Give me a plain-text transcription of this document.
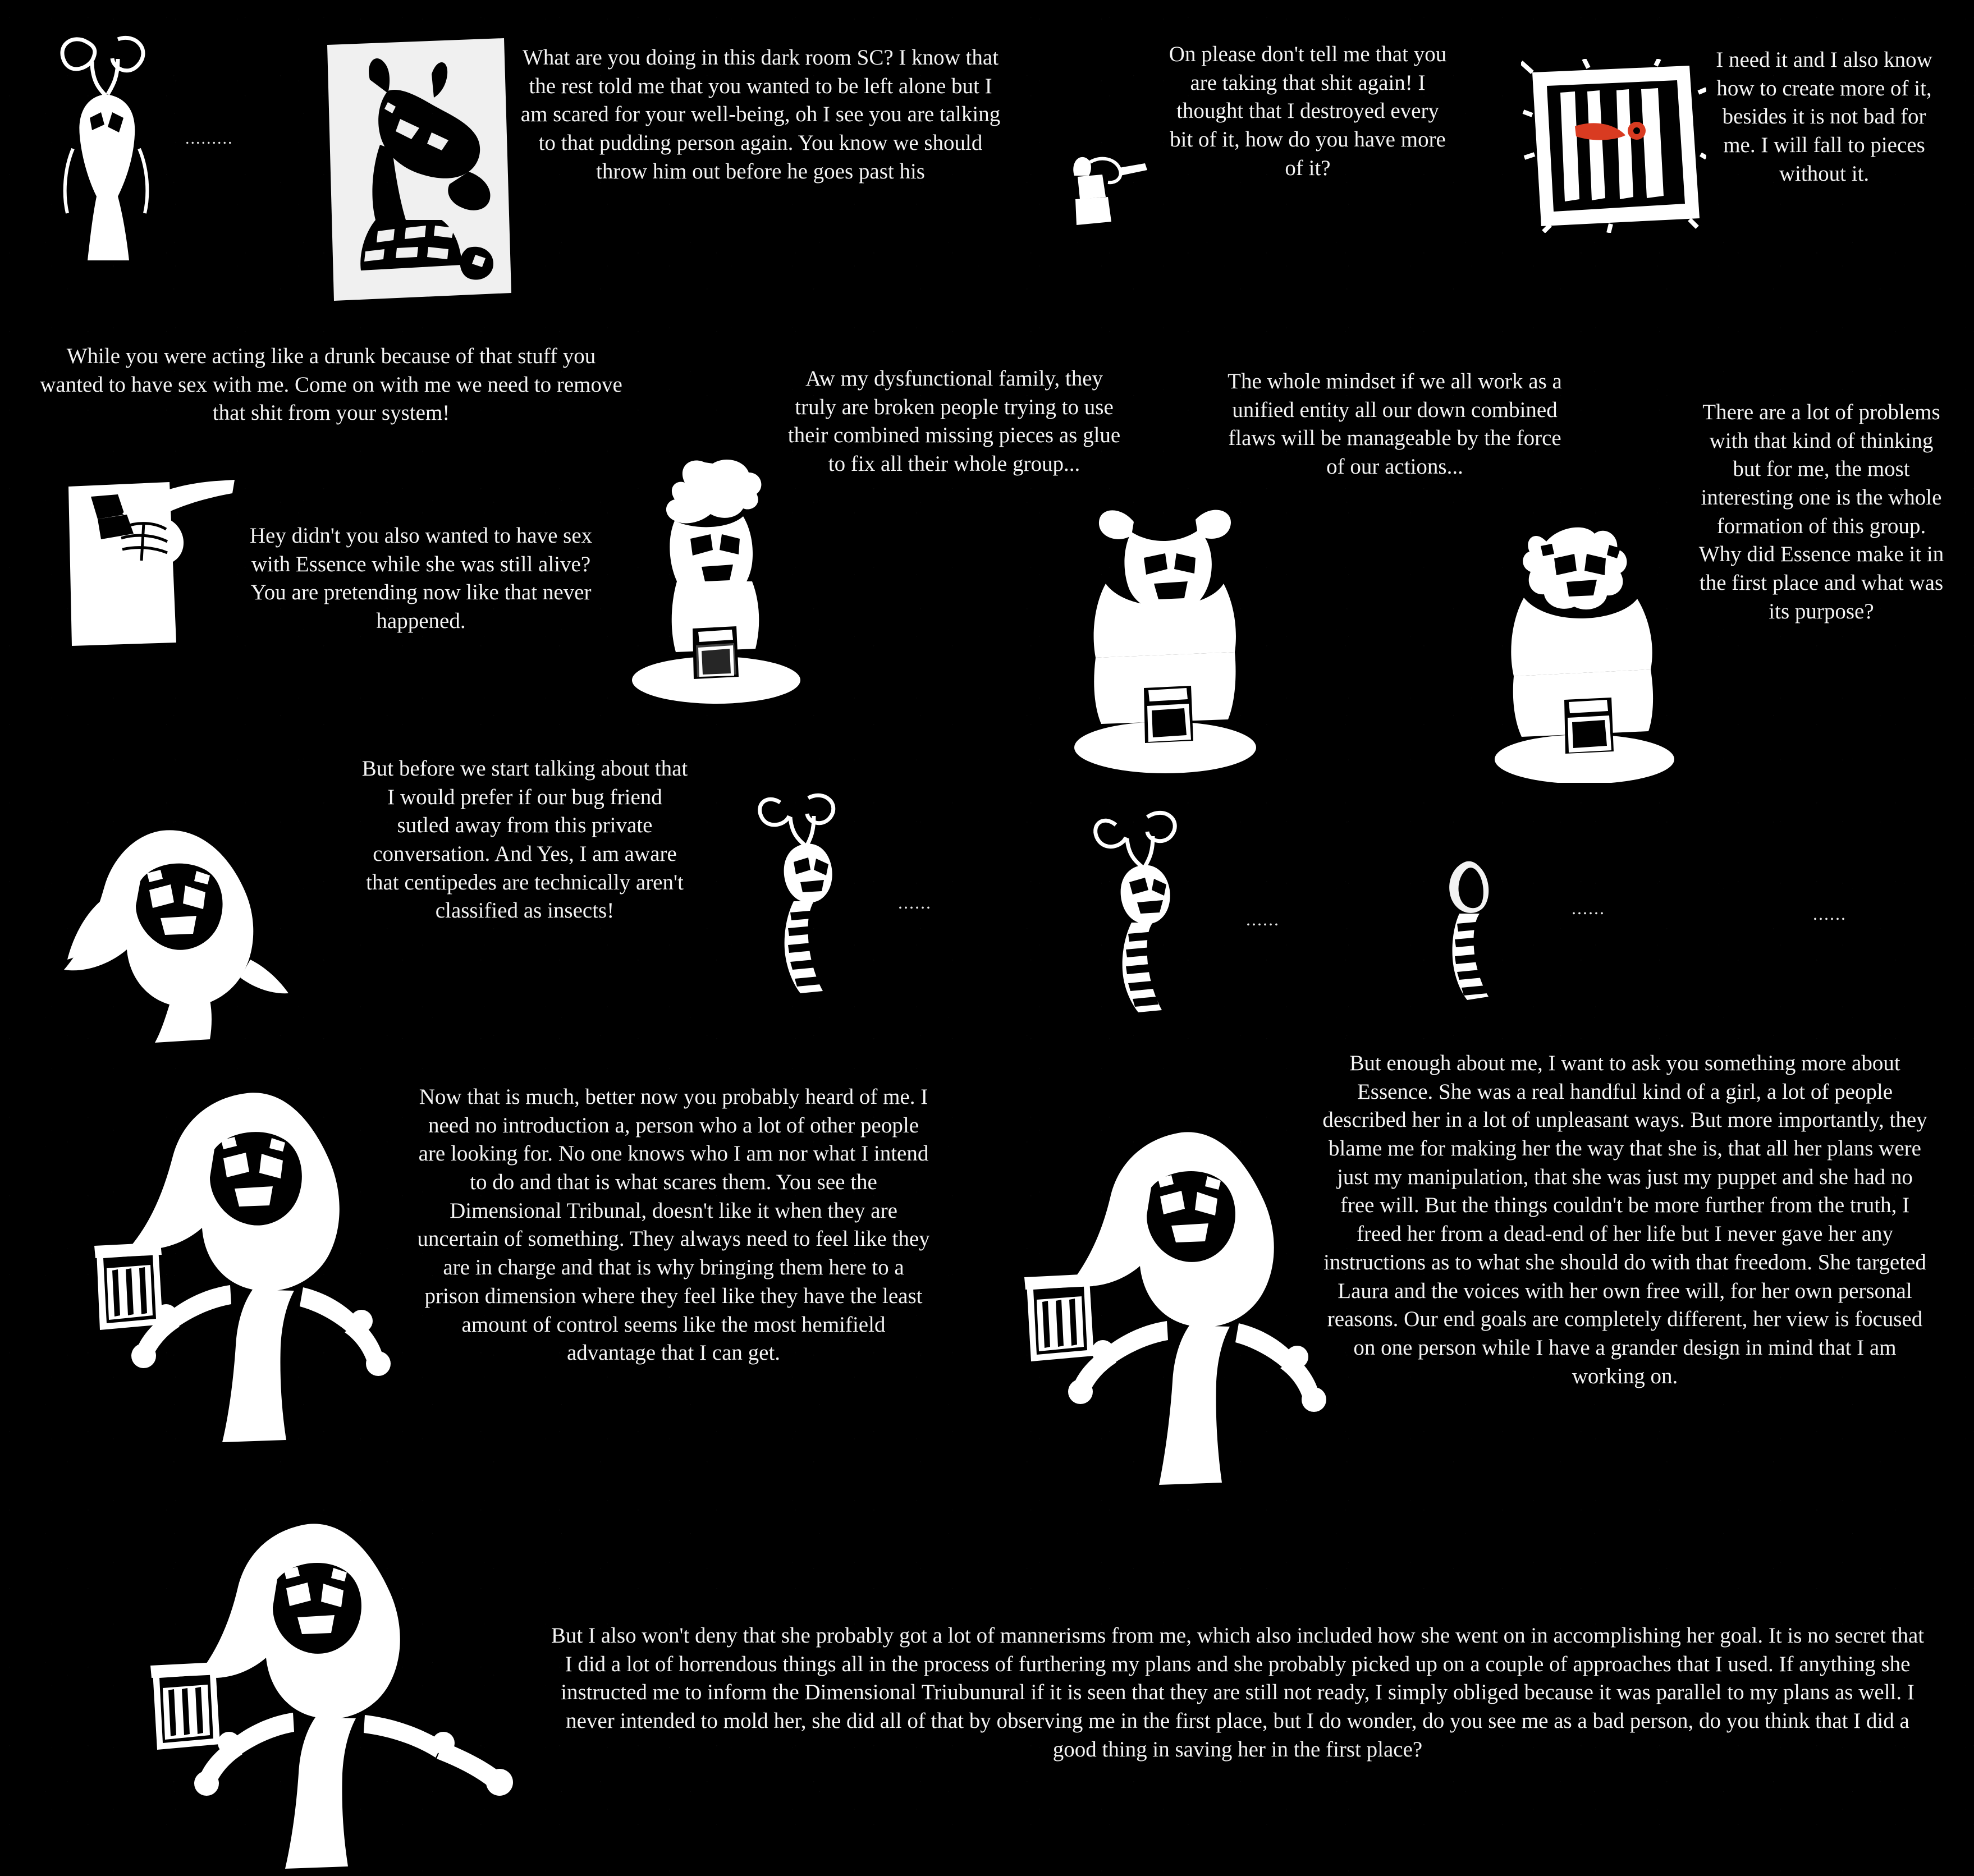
.........
What are you doing in this dark room SC? I know that the rest told me that you wanted to be left alone but I am scared for your well-being, oh I see you are talking to that pudding person again. You know we should throw him out before he goes past his
On please don't tell me that you are taking that shit again! I thought that I destroyed every bit of it, how do you have more of it?
I need it and I also know how to create more of it, besides it is not bad for me. I will fall to pieces without it.
While you were acting like a drunk because of that stuff you wanted to have sex with me. Come on with me we need to remove that shit from your system!
Hey didn't you also wanted to have sex with Essence while she was still alive? You are pretending now like that never happened.
Aw my dysfunctional family, they truly are broken people trying to use their combined missing pieces as glue to fix all their whole group...
The whole mindset if we all work as a unified entity all our down combined flaws will be manageable by the force of our actions...
There are a lot of problems with that kind of thinking but for me, the most interesting one is the whole formation of this group. Why did Essence make it in the first place and what was its purpose?
But before we start talking about that I would prefer if our bug friend sutled away from this private conversation. And Yes, I am aware that centipedes are technically aren't classified as insects!	......
......
......	......
Now that is much, better now you probably heard of me. I need no introduction a, person who a lot of other people are looking for. No one knows who I am nor what I intend to do and that is what scares them. You see the Dimensional Tribunal, doesn't like it when they are uncertain of something. They always need to feel like they are in charge and that is why bringing them here to a prison dimension where they feel like they have the least amount of control seems like the most hemifield advantage that I can get.
But enough about me, I want to ask you something more about Essence. She was a real handful kind of a girl, a lot of people described her in a lot of unpleasant ways. But more importantly, they blame me for making her the way that she is, that all her plans were just my manipulation, that she was just my puppet and she had no free will. But the things couldn't be more further from the truth, I freed her from a dead-end of her life but I never gave her any instructions as to what she should do with that freedom. She targeted Laura and the voices with her own free will, for her own personal reasons. Our end goals are completely different, her view is focused on one person while I have a grander design in mind that I am working on.
But I also won't deny that she probably got a lot of mannerisms from me, which also included how she went on in accomplishing her goal. It is no secret that I did a lot of horrendous things all in the process of furthering my plans and she probably picked up on a couple of approaches that I used. If anything she instructed me to inform the Dimensional Triubunural if it is seen that they are still not ready, I simply obliged because it was parallel to my plans as well. I never intended to mold her, she did all of that by observing me in the first place, but I do wonder, do you see me as a bad person, do you think that I did a good thing in saving her in the first place?
